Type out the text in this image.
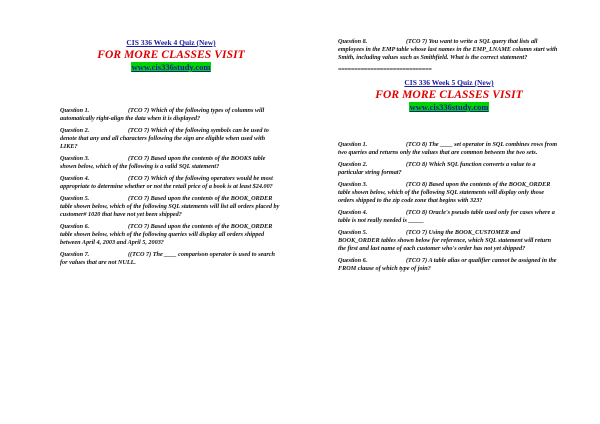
CIS 336 Week 4 Quiz (New)
FOR MORE CLASSES VISIT
www.cis336study.com
Question 1.	(TCO 7) Which of the following types of columns will automatically right-align the data when it is displayed?
Question 2.	(TCO 7) Which of the following symbols can be used to denote that any and all characters following the sign are eligible when used with LIKE?
Question 3.	(TCO 7) Based upon the contents of the BOOKS table shown below, which of the following is a valid SQL statement?
Question 4.	(TCO 7) Which of the following operators would be most appropriate to determine whether or not the retail price of a book is at least $24.00?
Question 5.	(TCO 7) Based upon the contents of the BOOK_ORDER table shown below, which of the following SQL statements will list all orders placed by customer# 1020 that have not yet been shipped?
Question 6.	(TCO 7) Based upon the contents of the BOOK_ORDER table shown below, which of the following queries will display all orders shipped between April 4, 2003 and April 5, 2003?
Question 7.	((TCO 7) The ____ comparison operator is used to search for values that are not NULL.
Question 8.	(TCO 7) You want to write a SQL query that lists all employees in the EMP table whose last names in the EMP_LNAME column start with Smith, including values such as Smithfield. What is the correct statement?
=============================
CIS 336 Week 5 Quiz (New)
FOR MORE CLASSES VISIT
www.cis336study.com
Question 1.	(TCO 8) The ____ set operator in SQL combines rows from two queries and returns only the values that are common between the two sets.
Question 2.	(TCO 8) Which SQL function converts a value to a particular string format?
Question 3.	(TCO 8) Based upon the contents of the BOOK_ORDER table shown below, which of the following SQL statements will display only those orders shipped to the zip code zone that begins with 323?
Question 4.	(TCO 8) Oracle's pseudo table used only for cases where a table is not really needed is _____
Question 5.	(TCO 7) Using the BOOK_CUSTOMER and BOOK_ORDER tables shown below for reference, which SQL statement will return the first and last name of each customer who's order has not yet shipped?
Question 6.	(TCO 7) A table alias or qualifier cannot be assigned in the FROM clause of which type of join?
